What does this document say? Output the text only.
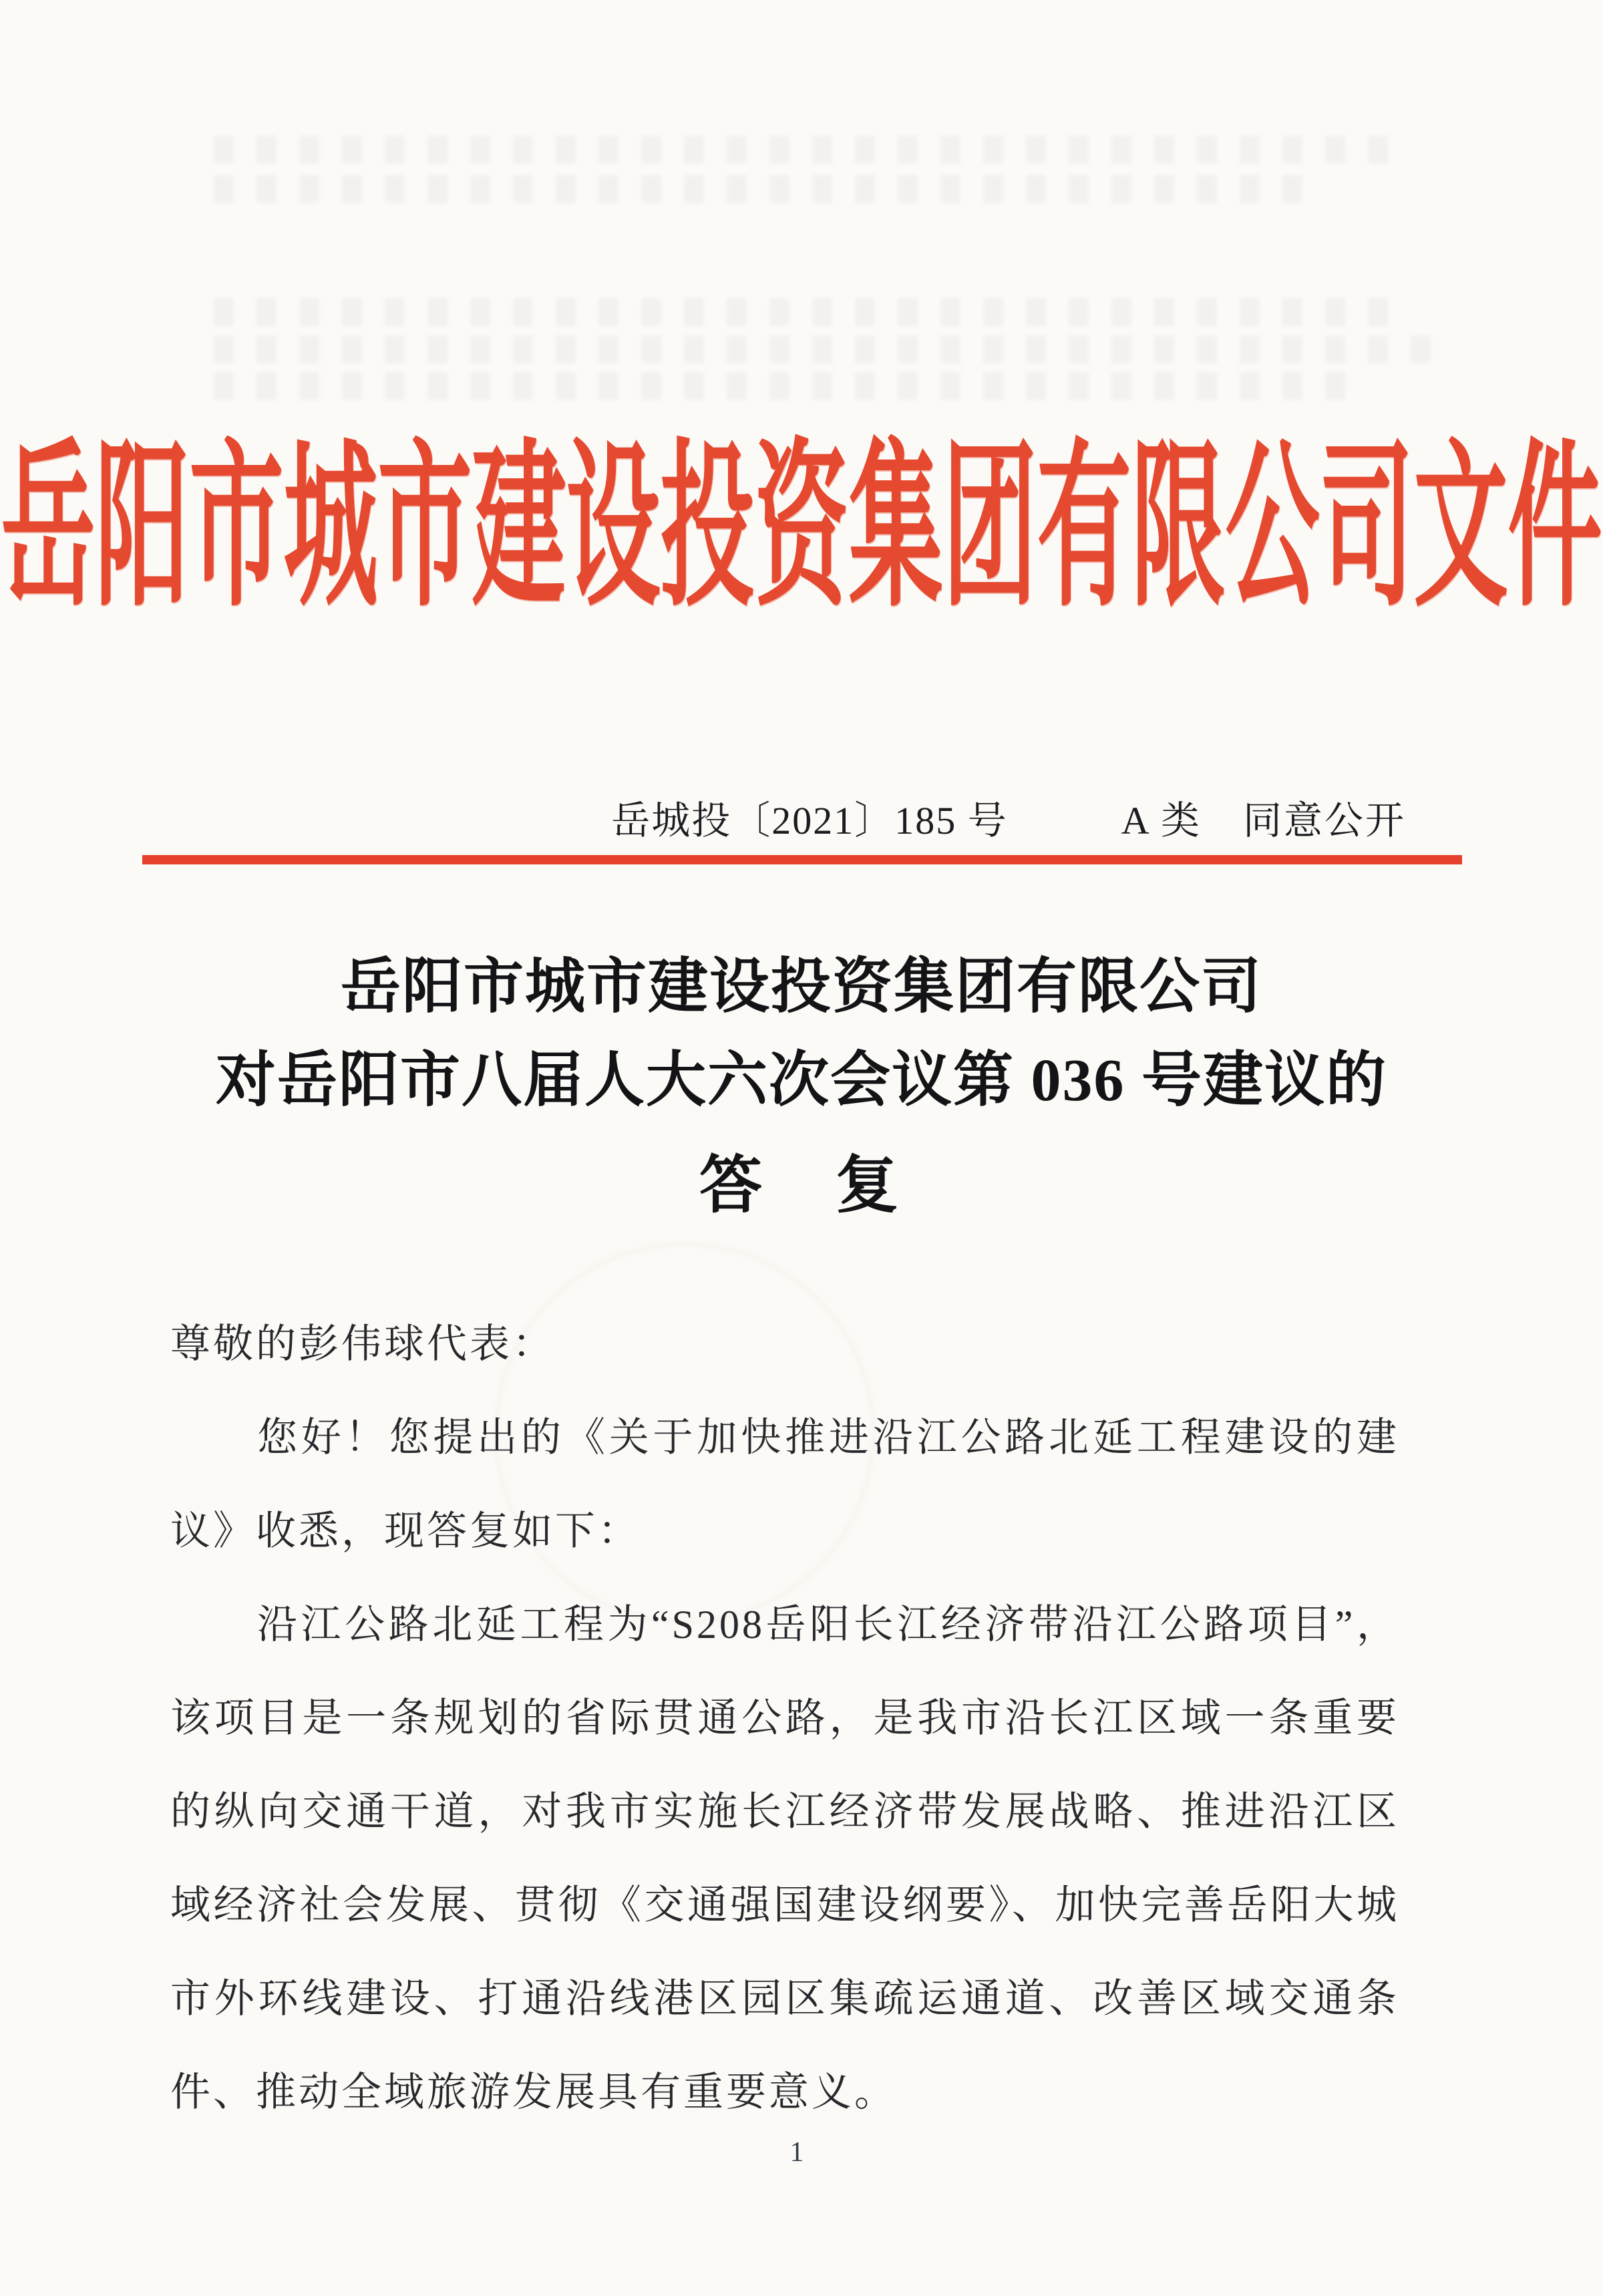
岳阳市城市建设投资集团有限公司文件
岳城投〔2021〕185 号	A 类 同意公开
岳阳市城市建设投资集团有限公司
对岳阳市八届人大六次会议第 036 号建议的
答　复

尊敬的彭伟球代表：

您好！您提出的《关于加快推进沿江公路北延工程建设的建议》收悉，现答复如下：

沿江公路北延工程为“S208岳阳长江经济带沿江公路项目”，该项目是一条规划的省际贯通公路，是我市沿长江区域一条重要的纵向交通干道，对我市实施长江经济带发展战略、推进沿江区域经济社会发展、贯彻《交通强国建设纲要》、加快完善岳阳大城市外环线建设、打通沿线港区园区集疏运通道、改善区域交通条件、推动全域旅游发展具有重要意义。

1
